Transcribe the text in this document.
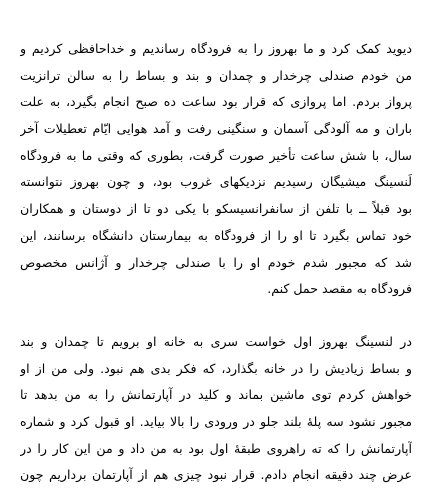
دیوید کمک کرد و ما بهروز را به فرودگاه رساندیم و خداحافظی کردیم و
من خودم صندلی چرخدار و چمدان و بند و بساط را به سالن ترانزیت
پرواز بردم. اما پروازی که قرار بود ساعت ده صبح انجام بگیرد، به علت
باران و مه آلودگی آسمان و سنگینی رفت و آمد هوایی ایّام تعطیلات آخر
سال، با شش ساعت تأخیر صورت گرفت، بطوری که وقتی ما به فرودگاه
لَنسینگ میشیگان رسیدیم نزدیکهای غروب بود، و چون بهروز نتوانسته
بود قبلاً ــ با تلفن از سانفرانسیسکو با یکی دو تا از دوستان و همکاران
خود تماس بگیرد تا او را از فرودگاه به بیمارستان دانشگاه برسانند، این
شد که مجبور شدم خودم او را با صندلی چرخدار و آژانس مخصوص
فرودگاه به مقصد حمل کنم.
در لنسینگ بهروز اول خواست سری به خانه او برویم تا چمدان و بند
و بساط زیادیش را در خانه بگذارد، که فکر بدی هم نبود. ولی من از او
خواهش کردم توی ماشین بماند و کلید در آپارتمانش را به من بدهد تا
مجبور نشود سه پلهٔ بلند جلو در ورودی را بالا بیاید. او قبول کرد و شماره
آپارتمانش را که ته راهروی طبقهٔ اول بود به من داد و من این کار را در
عرض چند دقیقه انجام دادم. قرار نبود چیزی هم از آپارتمان برداریم چون
